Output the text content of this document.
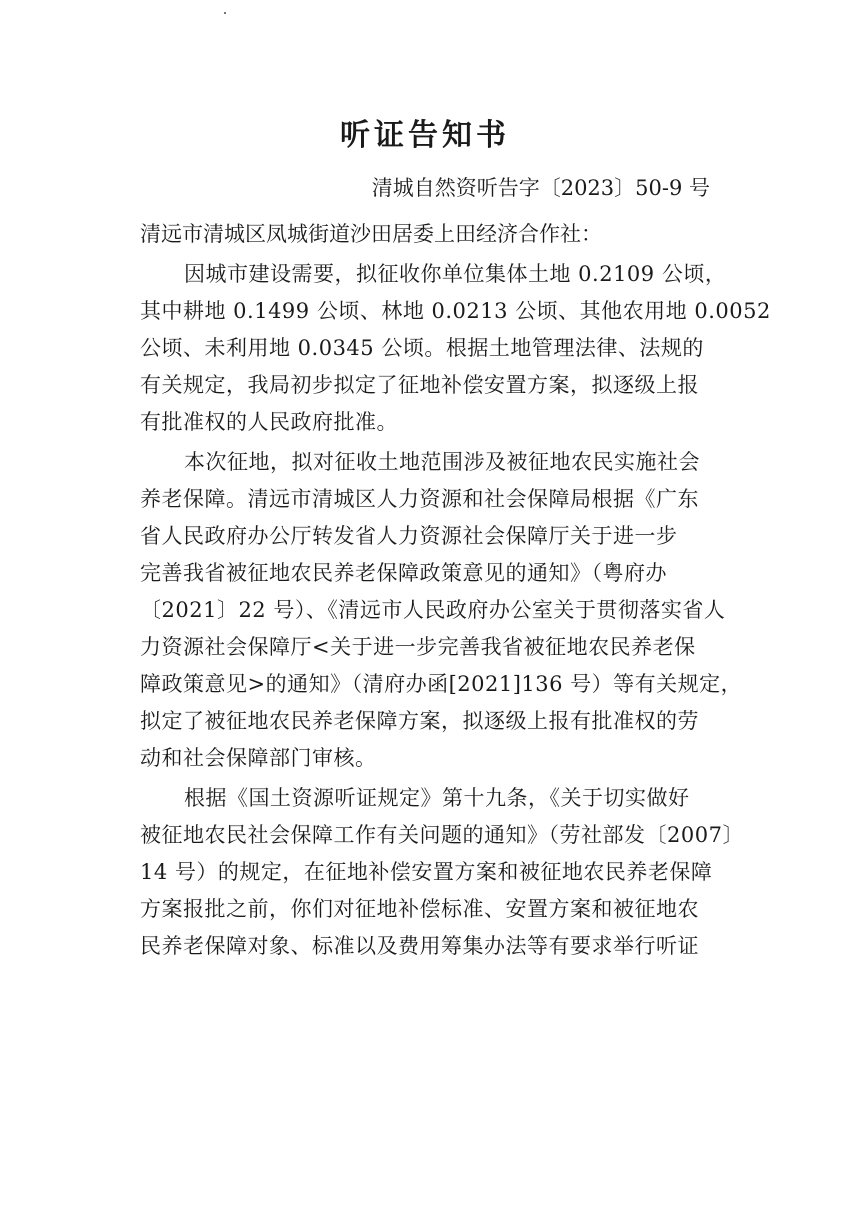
听证告知书
清城自然资听告字〔2023〕50-9 号
清远市清城区凤城街道沙田居委上田经济合作社：

因城市建设需要，拟征收你单位集体土地 0.2109 公顷，
其中耕地 0.1499 公顷、林地 0.0213 公顷、其他农用地 0.0052
公顷、未利用地 0.0345 公顷。根据土地管理法律、法规的
有关规定，我局初步拟定了征地补偿安置方案，拟逐级上报
有批准权的人民政府批准。

本次征地，拟对征收土地范围涉及被征地农民实施社会
养老保障。清远市清城区人力资源和社会保障局根据《广东
省人民政府办公厅转发省人力资源社会保障厅关于进一步
完善我省被征地农民养老保障政策意见的通知》（粤府办
〔2021〕22 号）、《清远市人民政府办公室关于贯彻落实省人
力资源社会保障厅<关于进一步完善我省被征地农民养老保
障政策意见>的通知》（清府办函[2021]136 号）等有关规定，
拟定了被征地农民养老保障方案，拟逐级上报有批准权的劳
动和社会保障部门审核。

根据《国土资源听证规定》第十九条，《关于切实做好
被征地农民社会保障工作有关问题的通知》（劳社部发〔2007〕
14 号）的规定，在征地补偿安置方案和被征地农民养老保障
方案报批之前，你们对征地补偿标准、安置方案和被征地农
民养老保障对象、标准以及费用筹集办法等有要求举行听证
